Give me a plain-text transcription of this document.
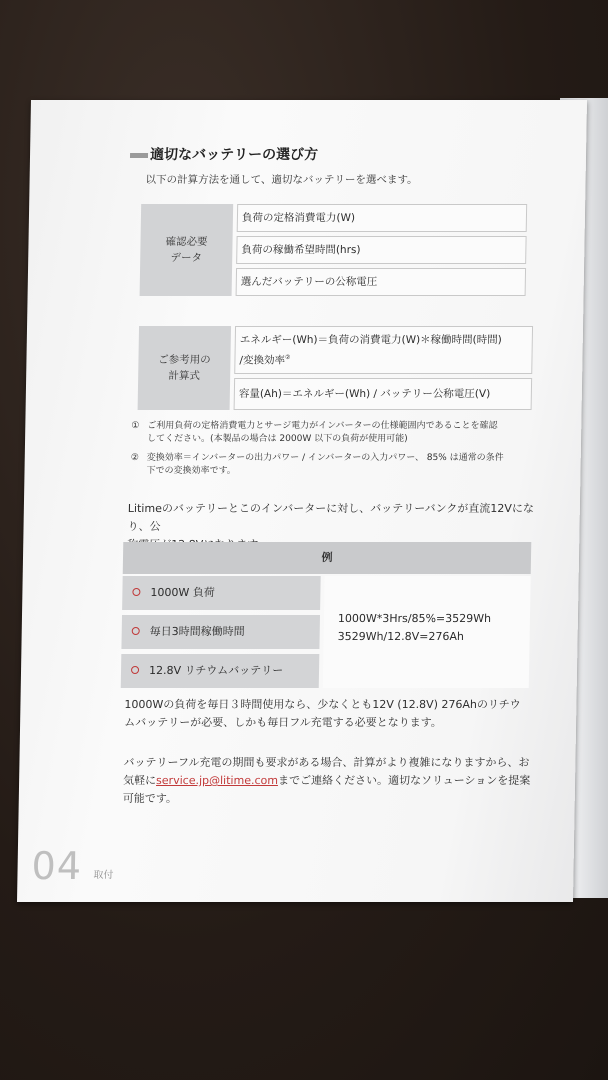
適切なバッテリーの選び方
以下の計算方法を通して、適切なバッテリーを選べます。
確認必要
データ
負荷の定格消費電力(W)
負荷の稼働希望時間(hrs)
選んだバッテリーの公称電圧
ご参考用の
計算式
エネルギー(Wh)＝負荷の消費電力(W)＊稼働時間(時間)
/変換効率②
容量(Ah)＝エネルギー(Wh) / バッテリー公称電圧(V)
① ご利用負荷の定格消費電力とサージ電力がインバーターの仕様範囲内であることを確認
してください。(本製品の場合は 2000W 以下の負荷が使用可能)
② 変換効率＝インバーターの出力パワー / インバーターの入力パワー、 85% は通常の条件
下での変換効率です。
Litimeのバッテリーとこのインバーターに対し、バッテリーバンクが直流12Vになり、公

例
1000W 負荷
毎日3時間稼働時間
12.8V リチウムバッテリー
1000W*3Hrs/85%=3529Wh
3529Wh/12.8V=276Ah
1000Wの負荷を毎日３時間使用なら、少なくとも12V (12.8V) 276Ahのリチウ
ムバッテリーが必要、しかも毎日フル充電する必要となります。
バッテリーフル充電の期間も要求がある場合、計算がより複雑になりますから、お
気軽にservice.jp@litime.comまでご連絡ください。適切なソリューションを提案
可能です。
04 取付
